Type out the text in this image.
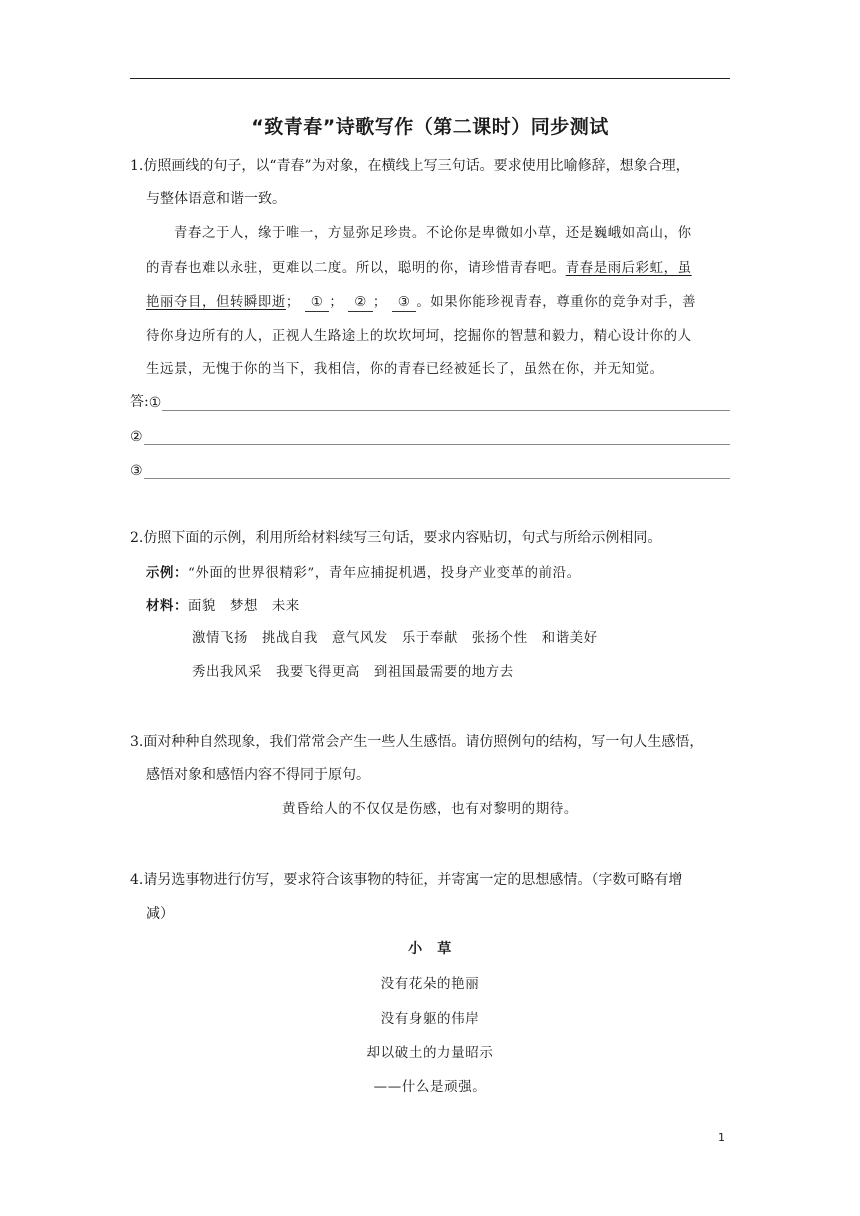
“致青春”诗歌写作（第二课时）同步测试
1.仿照画线的句子，以“青春”为对象，在横线上写三句话。要求使用比喻修辞，想象合理，
与整体语意和谐一致。
青春之于人，缘于唯一，方显弥足珍贵。不论你是卑微如小草，还是巍峨如高山，你
的青春也难以永驻，更难以二度。所以，聪明的你，请珍惜青春吧。青春是雨后彩虹，虽
艳丽夺目，但转瞬即逝； ① ； ② ； ③ 。如果你能珍视青春，尊重你的竞争对手，善
待你身边所有的人，正视人生路途上的坎坎坷坷，挖掘你的智慧和毅力，精心设计你的人
生远景，无愧于你的当下，我相信，你的青春已经被延长了，虽然在你，并无知觉。
答: ①
②
③
2.仿照下面的示例，利用所给材料续写三句话，要求内容贴切，句式与所给示例相同。
示例：“外面的世界很精彩”，青年应捕捉机遇，投身产业变革的前沿。
材料：面貌　梦想　未来
激情飞扬　挑战自我　意气风发　乐于奉献　张扬个性　和谐美好
秀出我风采　我要飞得更高　到祖国最需要的地方去
3.面对种种自然现象，我们常常会产生一些人生感悟。请仿照例句的结构，写一句人生感悟，
感悟对象和感悟内容不得同于原句。
黄昏给人的不仅仅是伤感，也有对黎明的期待。
4.请另选事物进行仿写，要求符合该事物的特征，并寄寓一定的思想感情。（字数可略有增
减）
小　草
没有花朵的艳丽
没有身躯的伟岸
却以破土的力量昭示
——什么是顽强。
1
